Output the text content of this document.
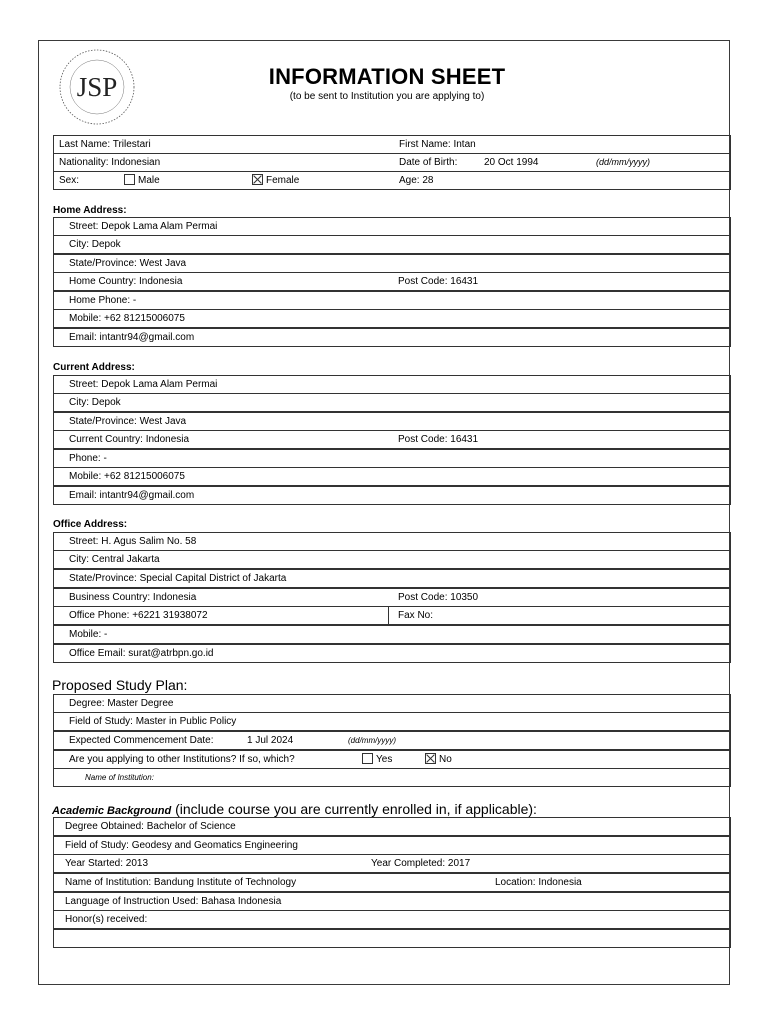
JSP	INFORMATION SHEET
(to be sent to Institution you are applying to)
Last Name: Trilestari	First Name: Intan
Nationality: Indonesian	Date of Birth:	20 Oct 1994	(dd/mm/yyyy)
Sex:	Male	Female	Age: 28
Home Address:
Street: Depok Lama Alam Permai
City: Depok
State/Province: West Java
Home Country: Indonesia	Post Code: 16431
Home Phone: -
Mobile: +62 81215006075
Email: intantr94@gmail.com
Current Address:
Street: Depok Lama Alam Permai
City: Depok
State/Province: West Java
Current Country: Indonesia	Post Code: 16431
Phone: -
Mobile: +62 81215006075
Email: intantr94@gmail.com
Office Address:
Street: H. Agus Salim No. 58
City: Central Jakarta
State/Province: Special Capital District of Jakarta
Business Country: Indonesia	Post Code: 10350
Office Phone: +6221 31938072	Fax No:
Mobile: -
Office Email: surat@atrbpn.go.id
Proposed Study Plan:
Degree: Master Degree
Field of Study: Master in Public Policy
Expected Commencement Date:	1 Jul 2024	(dd/mm/yyyy)
Are you applying to other Institutions? If so, which?	Yes	No
Name of Institution:
Academic Background (include course you are currently enrolled in, if applicable):
Degree Obtained: Bachelor of Science
Field of Study: Geodesy and Geomatics Engineering
Year Started: 2013	Year Completed: 2017
Name of Institution: Bandung Institute of Technology	Location: Indonesia
Language of Instruction Used: Bahasa Indonesia
Honor(s) received:
